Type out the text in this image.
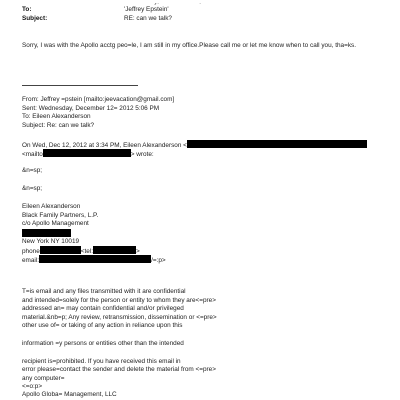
To:	'Jeffrey Epstein'
Subject:	RE: can we talk?
Sorry, I was with the Apollo acctg peo=le, I am still in my office.Please call me or let me know when to call you, tha=ks.
From: Jeffrey =pstein [mailto:jeevacation@gmail.com]
Sent: Wednesday, December 12= 2012 5:06 PM
To: Eileen Alexanderson
Subject: Re: can we talk?
On Wed, Dec 12, 2012 at 3:34 PM, Eileen Alexanderson <
<mailto	> wrote:
&n=sp;
&n=sp;
Eileen Alexanderson
Black Family Partners, L.P.
c/o Apollo Management
New York NY 10019
phone	<tel:	>
email:	/=:p>
T=is email and any files transmitted with it are confidential
and intended=solely for the person or entity to whom they are<=pre>
addressed an= may contain confidential and/or privileged
material.&nb=p; Any review, retransmission, dissemination or <=pre>
other use of= or taking of any action in reliance upon this
information =y persons or entities other than the intended
recipient is=prohibited. If you have received this email in
error please=contact the sender and delete the material from <=pre>
any computer=
<=o:p>
Apollo Globa= Management, LLC
